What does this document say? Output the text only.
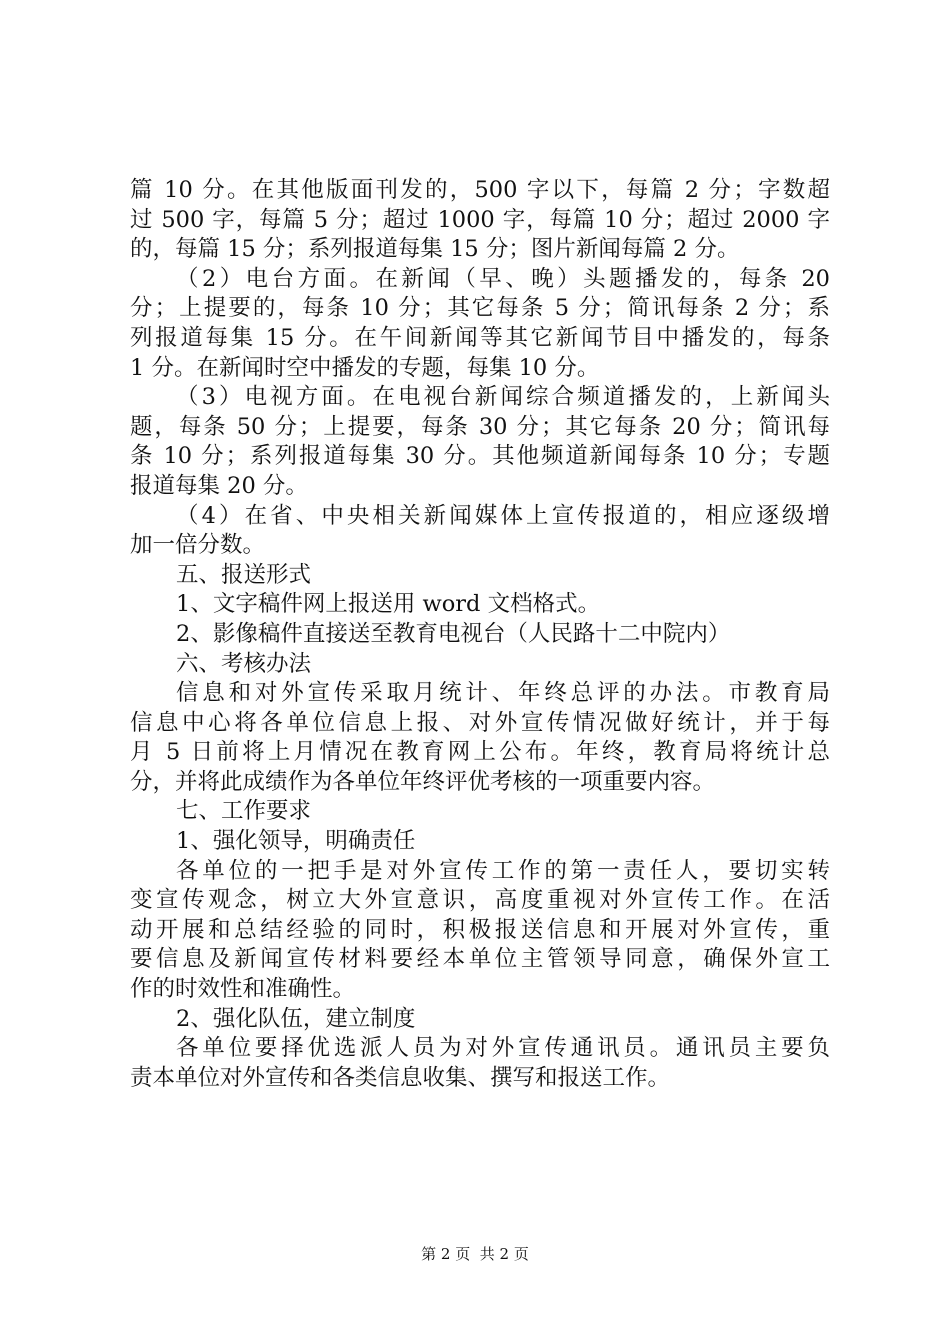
篇 10 分。在其他版面刊发的，500 字以下，每篇 2 分；字数超
过 500 字，每篇 5 分；超过 1000 字，每篇 10 分；超过 2000 字
的，每篇 15 分；系列报道每集 15 分；图片新闻每篇 2 分。
（2）电台方面。在新闻（早、晚）头题播发的，每条 20
分；上提要的，每条 10 分；其它每条 5 分；简讯每条 2 分；系
列报道每集 15 分。在午间新闻等其它新闻节目中播发的，每条
1 分。在新闻时空中播发的专题，每集 10 分。
（3）电视方面。在电视台新闻综合频道播发的，上新闻头
题，每条 50 分；上提要，每条 30 分；其它每条 20 分；简讯每
条 10 分；系列报道每集 30 分。其他频道新闻每条 10 分；专题
报道每集 20 分。
（4）在省、中央相关新闻媒体上宣传报道的，相应逐级增
加一倍分数。
五、报送形式
1、文字稿件网上报送用 word 文档格式。
2、影像稿件直接送至教育电视台（人民路十二中院内）
六、考核办法
信息和对外宣传采取月统计、年终总评的办法。市教育局
信息中心将各单位信息上报、对外宣传情况做好统计，并于每
月 5 日前将上月情况在教育网上公布。年终，教育局将统计总
分，并将此成绩作为各单位年终评优考核的一项重要内容。
七、工作要求
1、强化领导，明确责任
各单位的一把手是对外宣传工作的第一责任人，要切实转
变宣传观念，树立大外宣意识，高度重视对外宣传工作。在活
动开展和总结经验的同时，积极报送信息和开展对外宣传，重
要信息及新闻宣传材料要经本单位主管领导同意，确保外宣工
作的时效性和准确性。
2、强化队伍，建立制度
各单位要择优选派人员为对外宣传通讯员。通讯员主要负
责本单位对外宣传和各类信息收集、撰写和报送工作。
第 2 页  共 2 页
